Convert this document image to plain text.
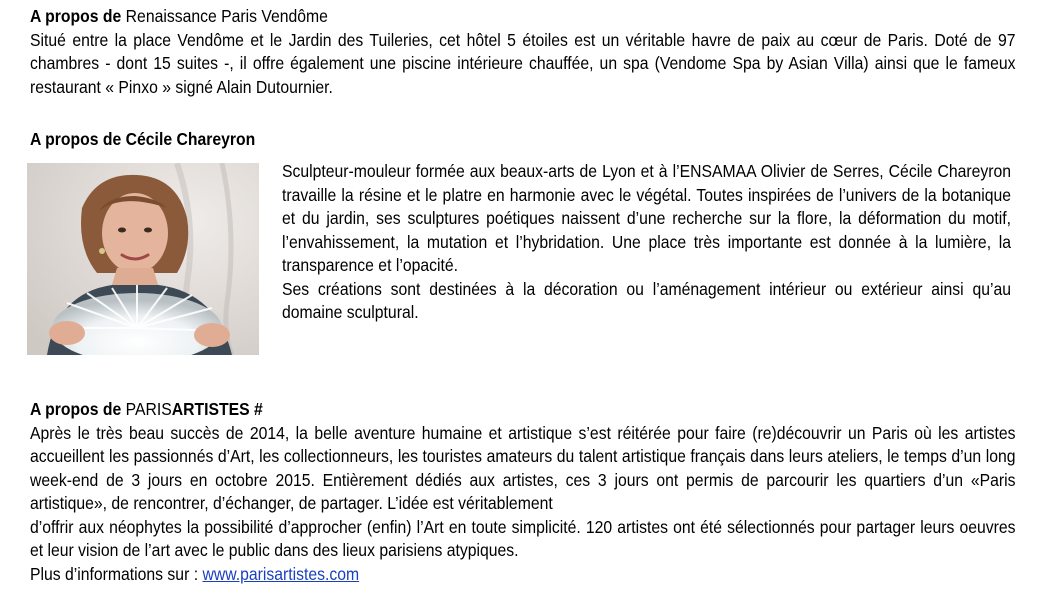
A propos de Renaissance Paris Vendôme

Situé entre la place Vendôme et le Jardin des Tuileries, cet hôtel 5 étoiles est un véritable havre de paix au cœur de Paris. Doté de 97 chambres - dont 15 suites -, il offre également une piscine intérieure chauffée, un spa (Vendome Spa by Asian Villa) ainsi que le fameux restaurant « Pinxo » signé Alain Dutournier.

A propos de Cécile Chareyron

Sculpteur-mouleur formée aux beaux-arts de Lyon et à l’ENSAMAA Olivier de Serres, Cécile Chareyron travaille la résine et le platre en harmonie avec le végétal. Toutes inspirées de l’univers de la botanique et du jardin, ses sculptures poétiques naissent d’une recherche sur la flore, la déformation du motif, l’envahissement, la mutation et l’hybridation. Une place très importante est donnée à la lumière, la transparence et l’opacité.

Ses créations sont destinées à la décoration ou l’aménagement intérieur ou extérieur ainsi qu’au domaine sculptural.

A propos de PARISARTISTES #

Après le très beau succès de 2014, la belle aventure humaine et artistique s’est réitérée pour faire (re)découvrir un Paris où les artistes accueillent les passionnés d’Art, les collectionneurs, les touristes amateurs du talent artistique français dans leurs ateliers, le temps d’un long week-end de 3 jours en octobre 2015. Entièrement dédiés aux artistes, ces 3 jours ont permis de parcourir les quartiers d’un «Paris artistique», de rencontrer, d’échanger, de partager. L’idée est véritablement

d’offrir aux néophytes la possibilité d’approcher (enfin) l’Art en toute simplicité. 120 artistes ont été sélectionnés pour partager leurs oeuvres et leur vision de l’art avec le public dans des lieux parisiens atypiques.

Plus d’informations sur : www.parisartistes.com
